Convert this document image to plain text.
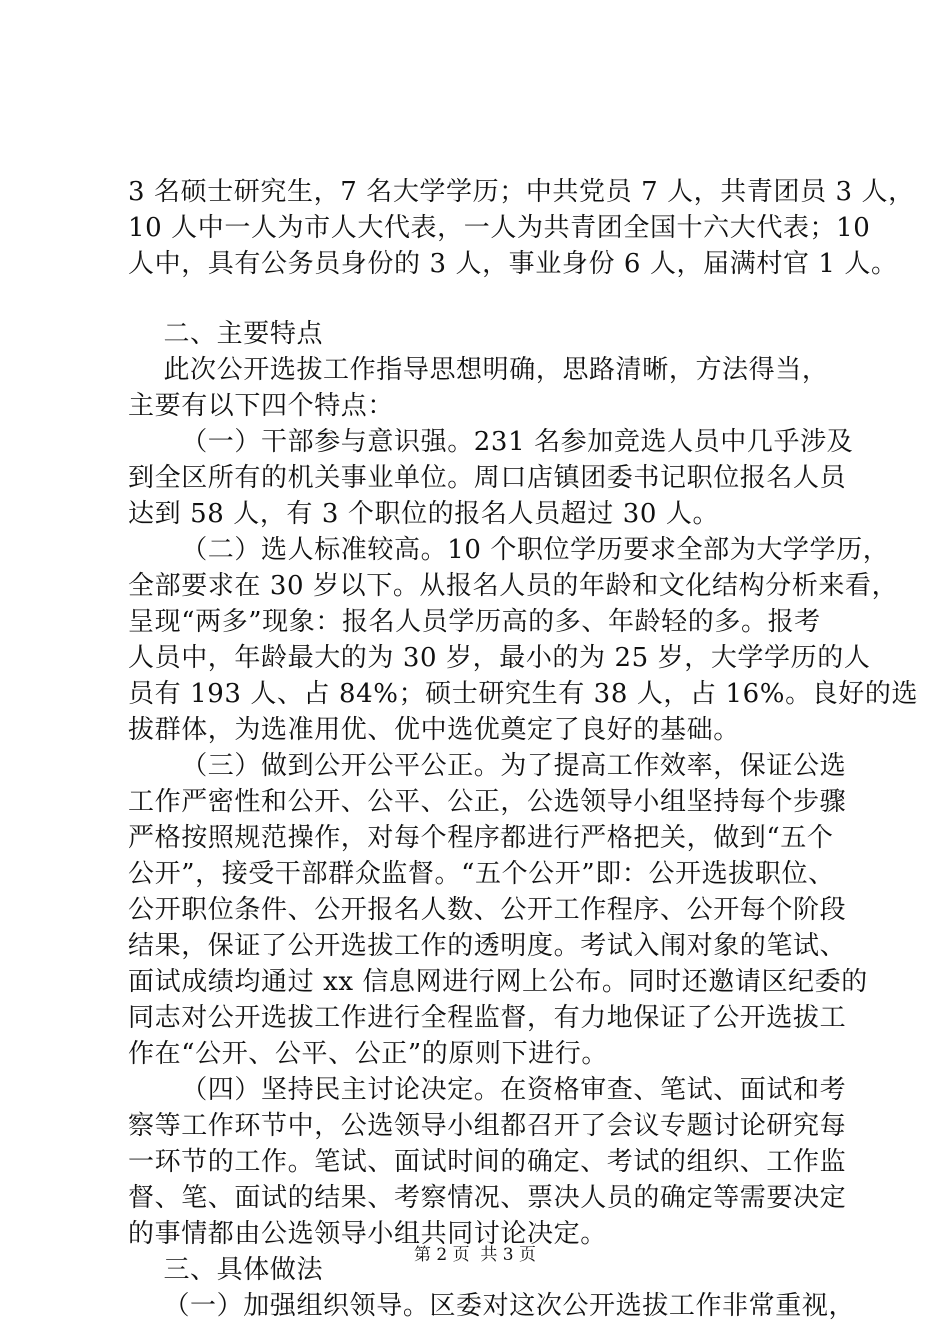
3 名硕士研究生，7 名大学学历；中共党员 7 人，共青团员 3 人，
10 人中一人为市人大代表，一人为共青团全国十六大代表；10
人中，具有公务员身份的 3 人，事业身份 6 人，届满村官 1 人。
二、主要特点
此次公开选拔工作指导思想明确，思路清晰，方法得当，
主要有以下四个特点：
（一）干部参与意识强。231 名参加竞选人员中几乎涉及
到全区所有的机关事业单位。周口店镇团委书记职位报名人员
达到 58 人，有 3 个职位的报名人员超过 30 人。
（二）选人标准较高。10 个职位学历要求全部为大学学历，
全部要求在 30 岁以下。从报名人员的年龄和文化结构分析来看，
呈现“两多”现象：报名人员学历高的多、年龄轻的多。报考
人员中，年龄最大的为 30 岁，最小的为 25 岁，大学学历的人
员有 193 人、占 84%；硕士研究生有 38 人，占 16%。良好的选
拔群体，为选准用优、优中选优奠定了良好的基础。
（三）做到公开公平公正。为了提高工作效率，保证公选
工作严密性和公开、公平、公正，公选领导小组坚持每个步骤
严格按照规范操作，对每个程序都进行严格把关，做到“五个
公开”，接受干部群众监督。“五个公开”即：公开选拔职位、
公开职位条件、公开报名人数、公开工作程序、公开每个阶段
结果，保证了公开选拔工作的透明度。考试入闱对象的笔试、
面试成绩均通过 xx 信息网进行网上公布。同时还邀请区纪委的
同志对公开选拔工作进行全程监督，有力地保证了公开选拔工
作在“公开、公平、公正”的原则下进行。
（四）坚持民主讨论决定。在资格审查、笔试、面试和考
察等工作环节中，公选领导小组都召开了会议专题讨论研究每
一环节的工作。笔试、面试时间的确定、考试的组织、工作监
督、笔、面试的结果、考察情况、票决人员的确定等需要决定
的事情都由公选领导小组共同讨论决定。
三、具体做法
（一）加强组织领导。区委对这次公开选拔工作非常重视，
第 2 页  共 3 页
